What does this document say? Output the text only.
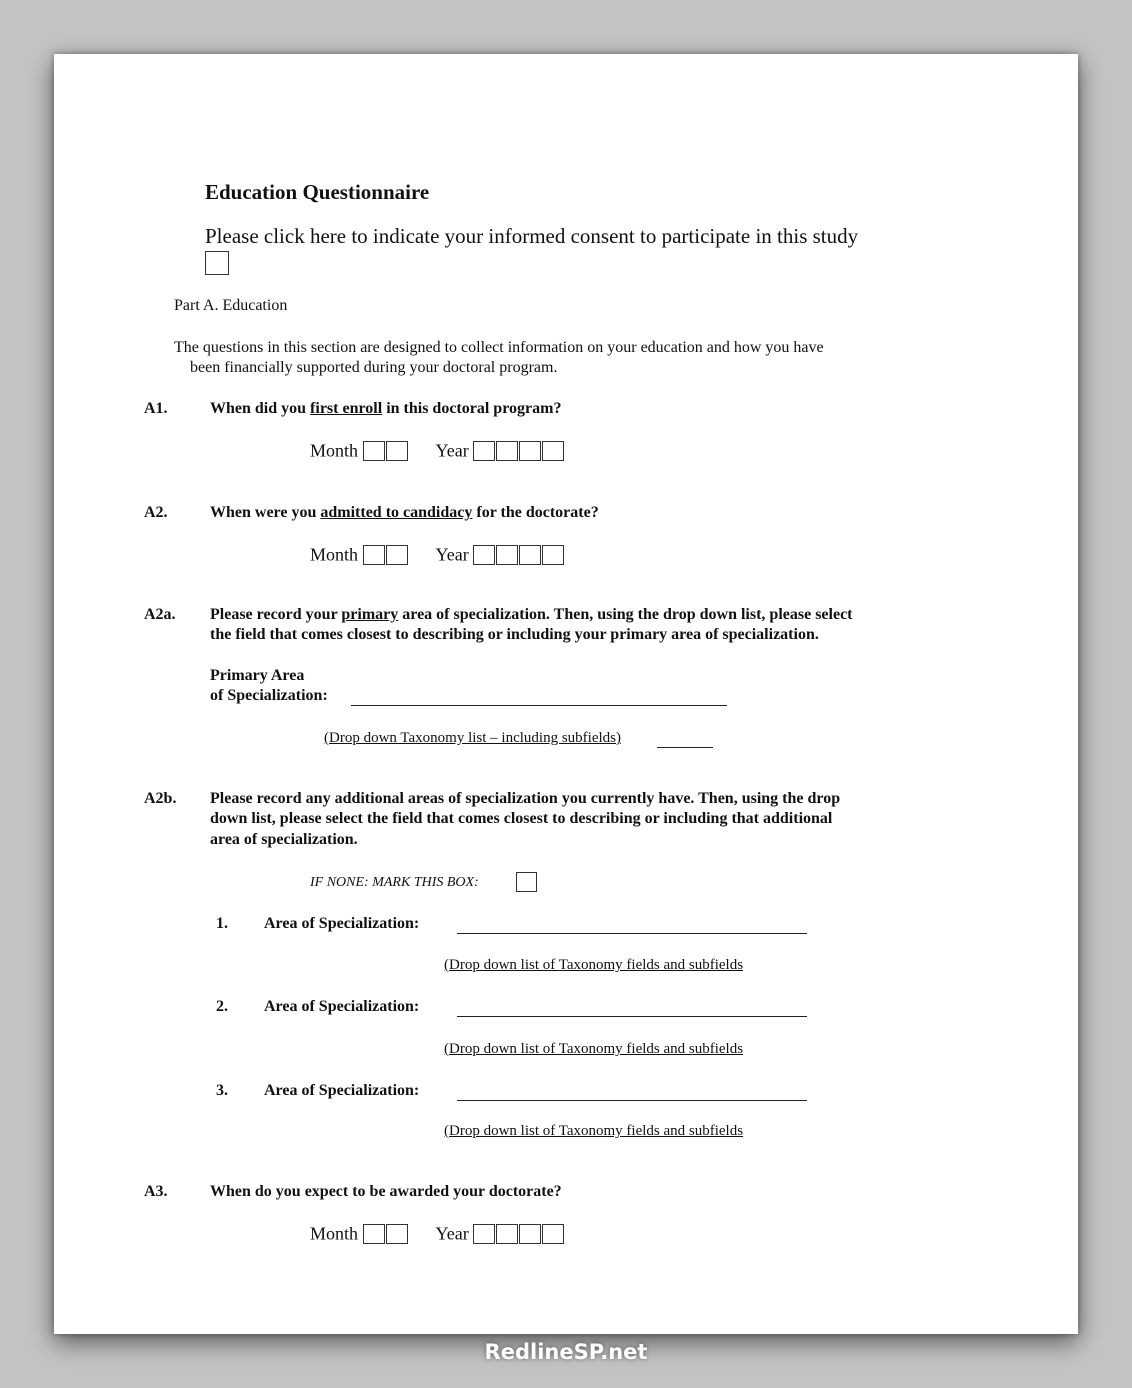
Education Questionnaire
Please click here to indicate your informed consent to participate in this study
Part A. Education
The questions in this section are designed to collect information on your education and how you have
been financially supported during your doctoral program.
A1.	When did you first enroll in this doctoral program?
Month	Year
A2.	When were you admitted to candidacy for the doctorate?
Month	Year
A2a. Please record your primary area of specialization. Then, using the drop down list, please select
the field that comes closest to describing or including your primary area of specialization.
Primary Area
of Specialization:
(Drop down Taxonomy list – including subfields)
A2b. Please record any additional areas of specialization you currently have. Then, using the drop
down list, please select the field that comes closest to describing or including that additional
area of specialization.
IF NONE: MARK THIS BOX:
1. Area of Specialization:
(Drop down list of Taxonomy fields and subfields
2. Area of Specialization:
(Drop down list of Taxonomy fields and subfields
3. Area of Specialization:
(Drop down list of Taxonomy fields and subfields
A3.	When do you expect to be awarded your doctorate?
Month	Year
RedlineSP.net
